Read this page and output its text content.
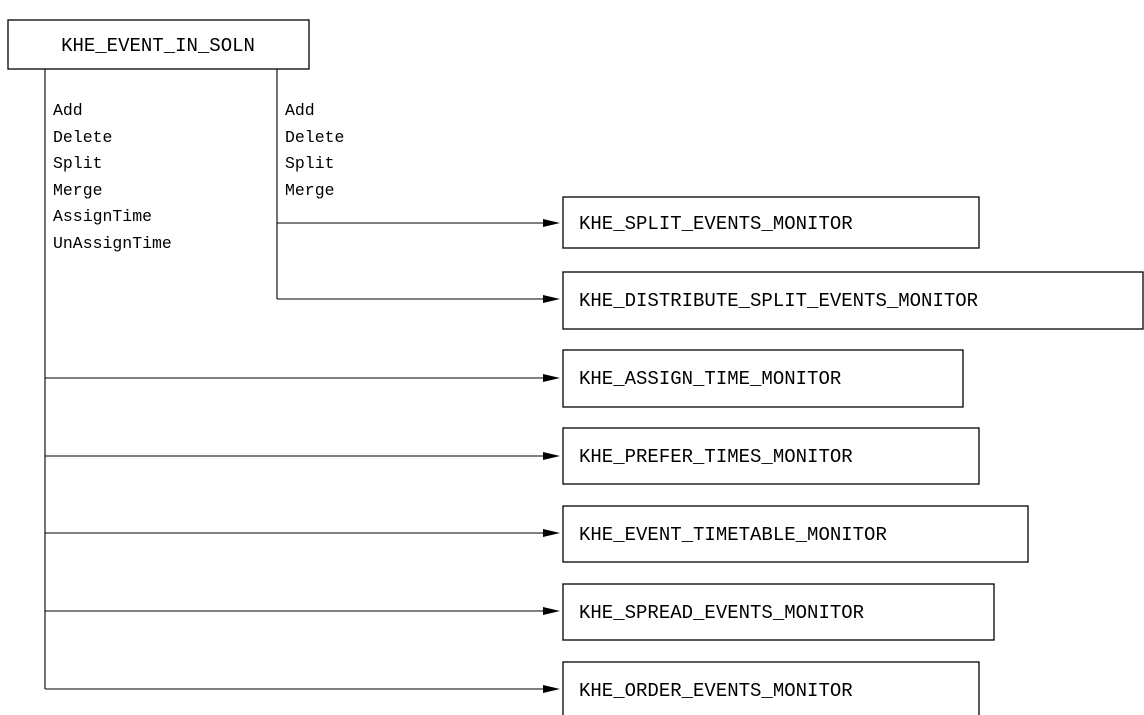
KHE_EVENT_IN_SOLN
Add
Delete
Split
Merge
AssignTime
UnAssignTime
Add
Delete
Split
Merge
KHE_SPLIT_EVENTS_MONITOR
KHE_DISTRIBUTE_SPLIT_EVENTS_MONITOR
KHE_ASSIGN_TIME_MONITOR
KHE_PREFER_TIMES_MONITOR
KHE_EVENT_TIMETABLE_MONITOR
KHE_SPREAD_EVENTS_MONITOR
KHE_ORDER_EVENTS_MONITOR
